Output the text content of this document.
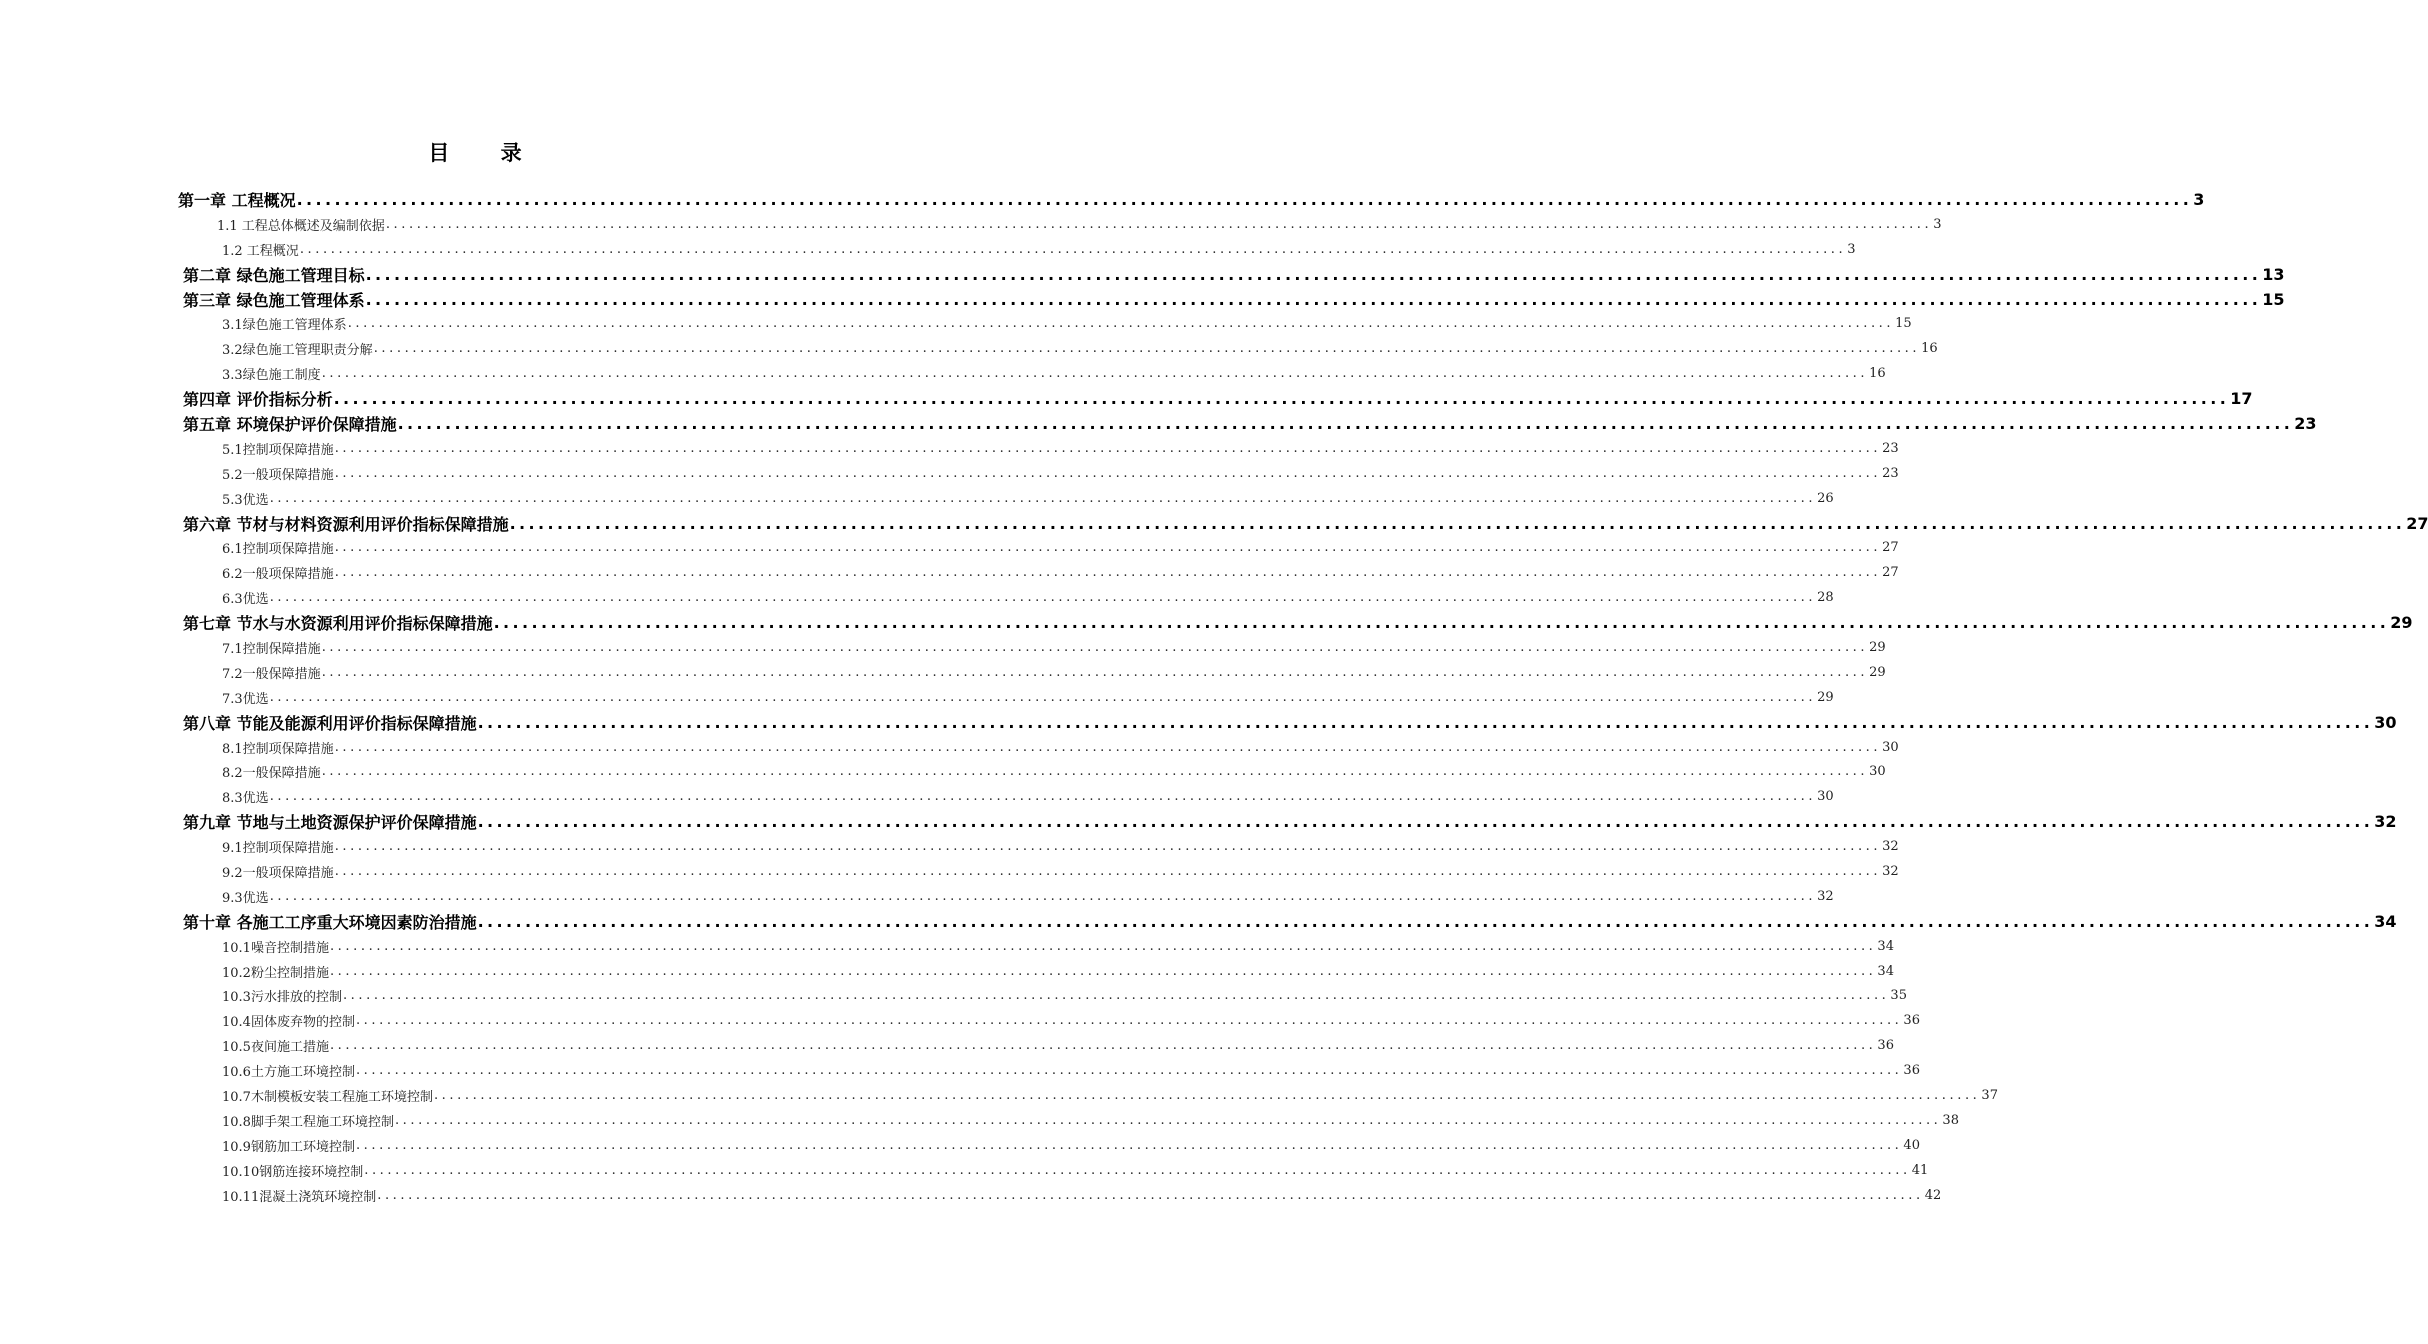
目 录
第一章 工程概况 ........................................................................................................................................................................................................ 3
1.1 工程总体概述及编制依据 ........................................................................................................................................................................................................ 3
1.2 工程概况 ........................................................................................................................................................................................................ 3
第二章 绿色施工管理目标 ........................................................................................................................................................................................................ 13
第三章 绿色施工管理体系 ........................................................................................................................................................................................................ 15
3.1绿色施工管理体系 ........................................................................................................................................................................................................ 15
3.2绿色施工管理职责分解 ........................................................................................................................................................................................................ 16
3.3绿色施工制度 ........................................................................................................................................................................................................ 16
第四章 评价指标分析 ........................................................................................................................................................................................................ 17
第五章 环境保护评价保障措施 ........................................................................................................................................................................................................ 23
5.1控制项保障措施 ........................................................................................................................................................................................................ 23
5.2一般项保障措施 ........................................................................................................................................................................................................ 23
5.3优选 ........................................................................................................................................................................................................ 26
第六章 节材与材料资源利用评价指标保障措施 ........................................................................................................................................................................................................ 27
6.1控制项保障措施 ........................................................................................................................................................................................................ 27
6.2一般项保障措施 ........................................................................................................................................................................................................ 27
6.3优选 ........................................................................................................................................................................................................ 28
第七章 节水与水资源利用评价指标保障措施 ........................................................................................................................................................................................................ 29
7.1控制保障措施 ........................................................................................................................................................................................................ 29
7.2一般保障措施 ........................................................................................................................................................................................................ 29
7.3优选 ........................................................................................................................................................................................................ 29
第八章 节能及能源利用评价指标保障措施 ........................................................................................................................................................................................................ 30
8.1控制项保障措施 ........................................................................................................................................................................................................ 30
8.2一般保障措施 ........................................................................................................................................................................................................ 30
8.3优选 ........................................................................................................................................................................................................ 30
第九章 节地与土地资源保护评价保障措施 ........................................................................................................................................................................................................ 32
9.1控制项保障措施 ........................................................................................................................................................................................................ 32
9.2一般项保障措施 ........................................................................................................................................................................................................ 32
9.3优选 ........................................................................................................................................................................................................ 32
第十章 各施工工序重大环境因素防治措施 ........................................................................................................................................................................................................ 34
10.1噪音控制措施 ........................................................................................................................................................................................................ 34
10.2粉尘控制措施 ........................................................................................................................................................................................................ 34
10.3污水排放的控制 ........................................................................................................................................................................................................ 35
10.4固体废弃物的控制 ........................................................................................................................................................................................................ 36
10.5夜间施工措施 ........................................................................................................................................................................................................ 36
10.6土方施工环境控制 ........................................................................................................................................................................................................ 36
10.7木制模板安装工程施工环境控制 ........................................................................................................................................................................................................ 37
10.8脚手架工程施工环境控制 ........................................................................................................................................................................................................ 38
10.9钢筋加工环境控制 ........................................................................................................................................................................................................ 40
10.10钢筋连接环境控制 ........................................................................................................................................................................................................ 41
10.11混凝土浇筑环境控制 ........................................................................................................................................................................................................ 42
